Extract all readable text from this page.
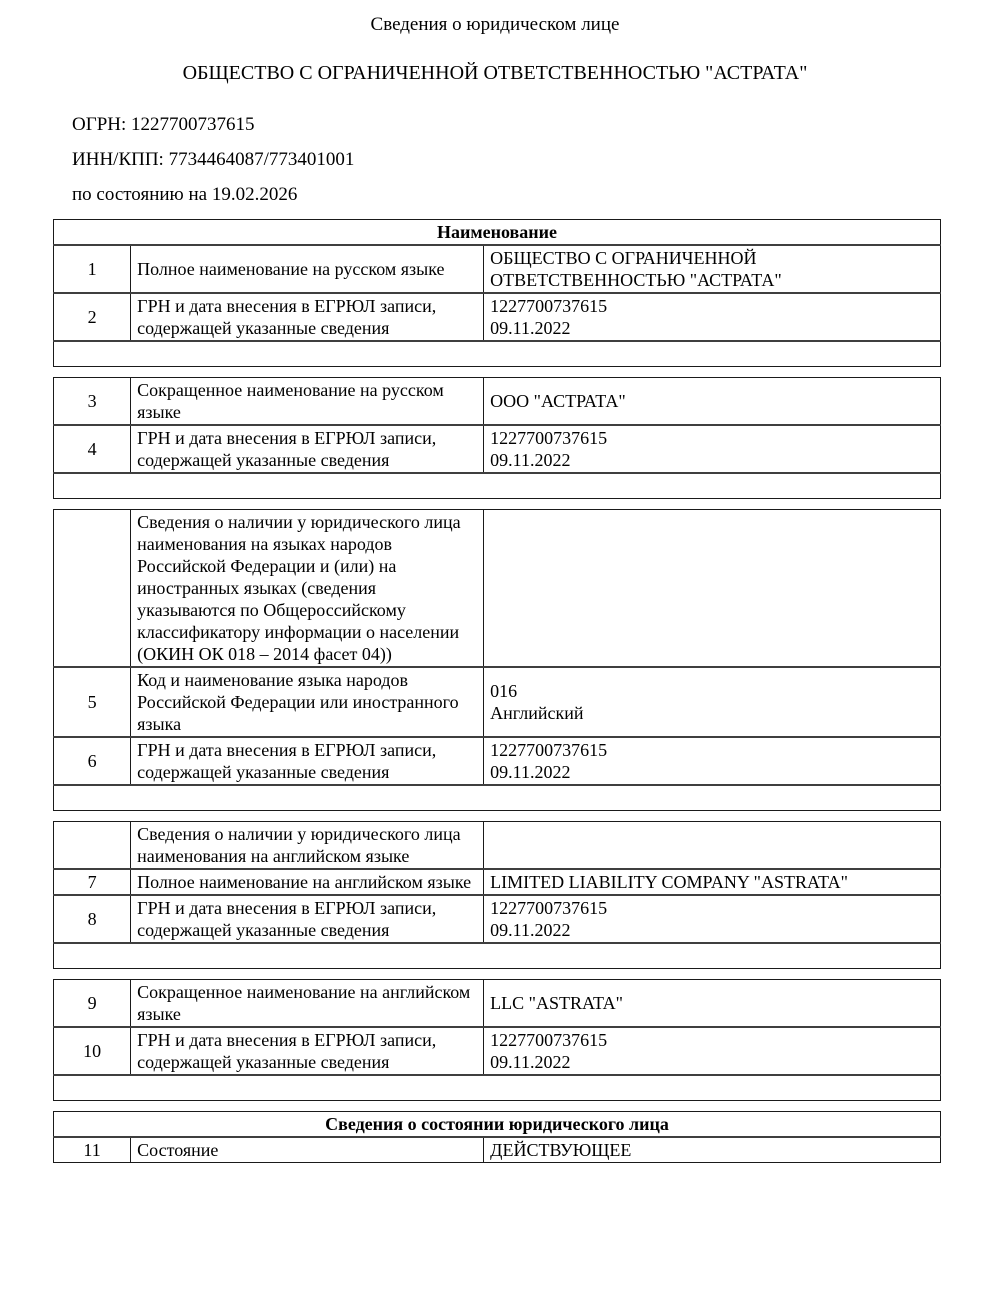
Сведения о юридическом лице
ОБЩЕСТВО С ОГРАНИЧЕННОЙ ОТВЕТСТВЕННОСТЬЮ "АСТРАТА"
ОГРН: 1227700737615
ИНН/КПП: 7734464087/773401001
по состоянию на 19.02.2026
Наименование		
1	Полное наименование на русском языке	ОБЩЕСТВО С ОГРАНИЧЕННОЙ ОТВЕТСТВЕННОСТЬЮ "АСТРАТА"

2	ГРН и дата внесения в ЕГРЮЛ записи, содержащей указанные сведения	1227700737615
09.11.2022

3	Сокращенное наименование на русском языке	ООО "АСТРАТА"

4	ГРН и дата внесения в ЕГРЮЛ записи, содержащей указанные сведения	1227700737615
09.11.2022

	Сведения о наличии у юридического лица наименования на языках народов Российской Федерации и (или) на иностранных языках (сведения указываются по Общероссийскому классификатору информации о населении (ОКИН ОК 018 – 2014 фасет 04))	
5	Код и наименование языка народов Российской Федерации или иностранного языка	016
Английский

6	ГРН и дата внесения в ЕГРЮЛ записи, содержащей указанные сведения	1227700737615
09.11.2022

	Сведения о наличии у юридического лица наименования на английском языке	
7	Полное наименование на английском языке	LIMITED LIABILITY COMPANY "ASTRATA"

8	ГРН и дата внесения в ЕГРЮЛ записи, содержащей указанные сведения	1227700737615
09.11.2022

9	Сокращенное наименование на английском языке	LLC "ASTRATA"

10	ГРН и дата внесения в ЕГРЮЛ записи, содержащей указанные сведения	1227700737615
09.11.2022

Сведения о состоянии юридического лица
11	Состояние	ДЕЙСТВУЮЩЕЕ
